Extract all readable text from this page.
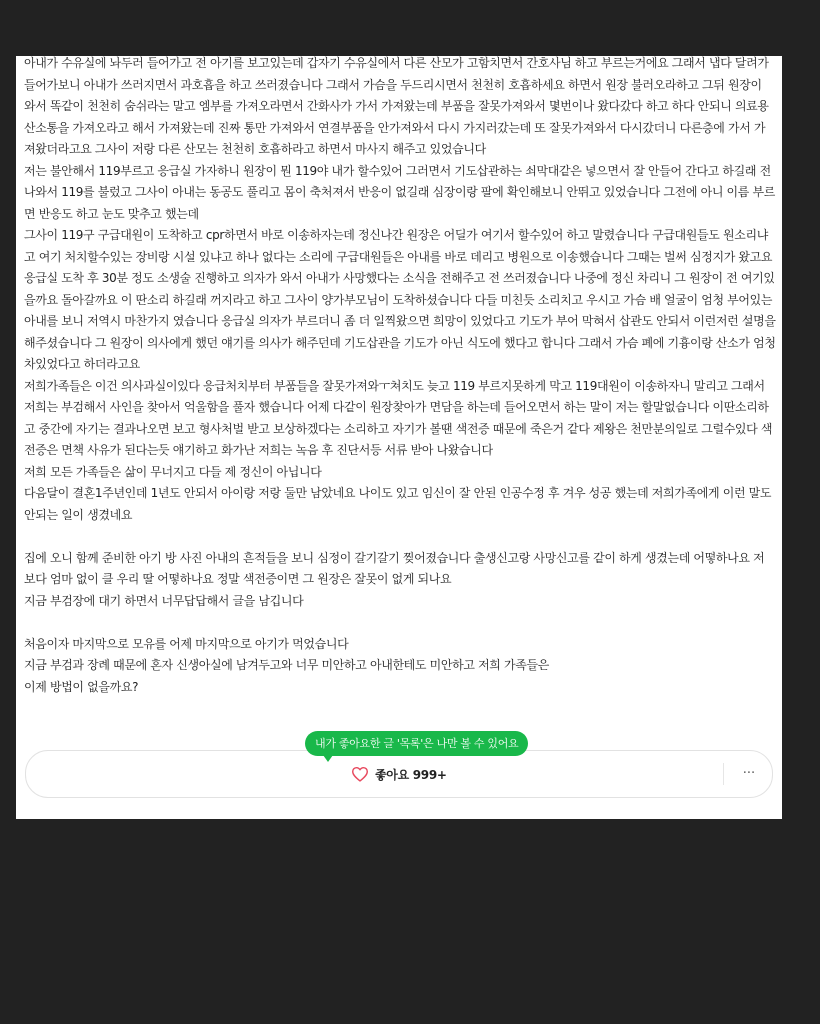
아내가 수유실에 놔두러 들어가고 전 아기를 보고있는데 갑자기 수유실에서 다른 산모가 고함치면서 간호사님 하고 부르는거에요 그래서 냅다 달려가 들어가보니 아내가 쓰러지면서 과호흡을 하고 쓰러졌습니다 그래서 가슴을 두드리시면서 천천히 호흡하세요 하면서 원장 불러오라하고 그뒤 원장이 와서 똑같이 천천히 숨쉬라는 말고 엠부를 가져오라면서 간화사가 가서 가져왔는데 부품을 잘못가져와서 몇번이나 왔다갔다 하고 하다 안되니 의료용 산소통을 가져오라고 해서 가져왔는데 진짜 통만 가져와서 연결부품을 안가져와서 다시 가지러갔는데 또 잘못가져와서 다시갔더니 다른층에 가서 가져왔더라고요 그사이 저랑 다른 산모는 천천히 호흡하라고 하면서 마사지 해주고 있었습니다

저는 불안해서 119부르고 응급실 가자하니 원장이 뭔 119야 내가 할수있어 그러면서 기도삽관하는 쇠막대같은 넣으면서 잘 안들어 간다고 하길래 전 나와서 119를 불렀고 그사이 아내는 동공도 풀리고 몸이 축처져서 반응이 없길래 심장이랑 팔에 확인해보니 안뛰고 있었습니다 그전에 아니 이름 부르면 반응도 하고 눈도 맞추고 했는데

그사이 119구 구급대원이 도착하고 cpr하면서 바로 이송하자는데 정신나간 원장은 어딜가 여기서 할수있어 하고 말렸습니다 구급대원들도 원소리냐고 여기 처치할수있는 장비랑 시설 있냐고 하나 없다는 소리에 구급대원들은 아내를 바로 데리고 병원으로 이송했습니다 그때는 벌써 심정지가 왔고요

응급실 도착 후 30분 정도 소생술 진행하고 의자가 와서 아내가 사망했다는 소식을 전해주고 전 쓰러졌습니다 나중에 정신 차리니 그 원장이 전 여기있을까요 돌아갈까요 이 딴소리 하길래 꺼지라고 하고 그사이 양가부모님이 도착하셨습니다 다들 미친듯 소리치고 우시고 가슴 배 얼굴이 엄청 부어있는 아내를 보니 저역시 마찬가지 였습니다 응급실 의자가 부르더니 좀 더 일찍왔으면 희망이 있었다고 기도가 부어 막혀서 삽관도 안되서 이런저런 설명을 해주셨습니다 그 원장이 의사에게 했던 얘기를 의사가 해주던데 기도삽관을 기도가 아닌 식도에 했다고 합니다 그래서 가슴 폐에 기흉이랑 산소가 엄청 차있었다고 하더라고요

저희가족들은 이건 의사과실이있다 응급처치부터 부품들을 잘못가져와ㅜ쳐치도 늦고 119 부르지못하게 막고 119대원이 이송하자니 말리고 그래서 저희는 부검해서 사인을 찾아서 억울함을 풀자 했습니다 어제 다같이 원장찾아가 면담을 하는데 들어오면서 하는 말이 저는 할말없습니다 이딴소리하고 중간에 자기는 결과나오면 보고 형사처벌 받고 보상하겠다는 소리하고 자기가 볼땐 색전증 때문에 죽은거 같다 제왕은 천만분의일로 그럴수있다 색전증은 면책 사유가 된다는듯 얘기하고 화가난 저희는 녹음 후 진단서등 서류 받아 나왔습니다

저희 모든 가족들은 삶이 무너지고 다들 제 정신이 아닙니다

다음달이 결혼1주년인데 1년도 안되서 아이랑 저랑 둘만 남았네요 나이도 있고 임신이 잘 안된 인공수정 후 겨우 성공 했는데 저희가족에게 이런 말도 안되는 일이 생겼네요

집에 오니 함께 준비한 아기 방 사진 아내의 흔적들을 보니 심정이 갈기갈기 찢어졌습니다 출생신고랑 사망신고를 같이 하게 생겼는데 어떻하나요 저 보다 엄마 없이 클 우리 딸 어떻하나요 정말 색전증이면 그 원장은 잘못이 없게 되나요

지금 부검장에 대기 하면서 너무답답해서 글을 남깁니다

처음이자 마지막으로 모유를 어제 마지막으로 아기가 먹었습니다

지금 부검과 장례 때문에 혼자 신생아실에 남겨두고와 너무 미안하고 아내한테도 미안하고 저희 가족들은

이제 방법이 없을까요?

좋아요 999+	···
내가 좋아요한 글 '목록'은 나만 볼 수 있어요
